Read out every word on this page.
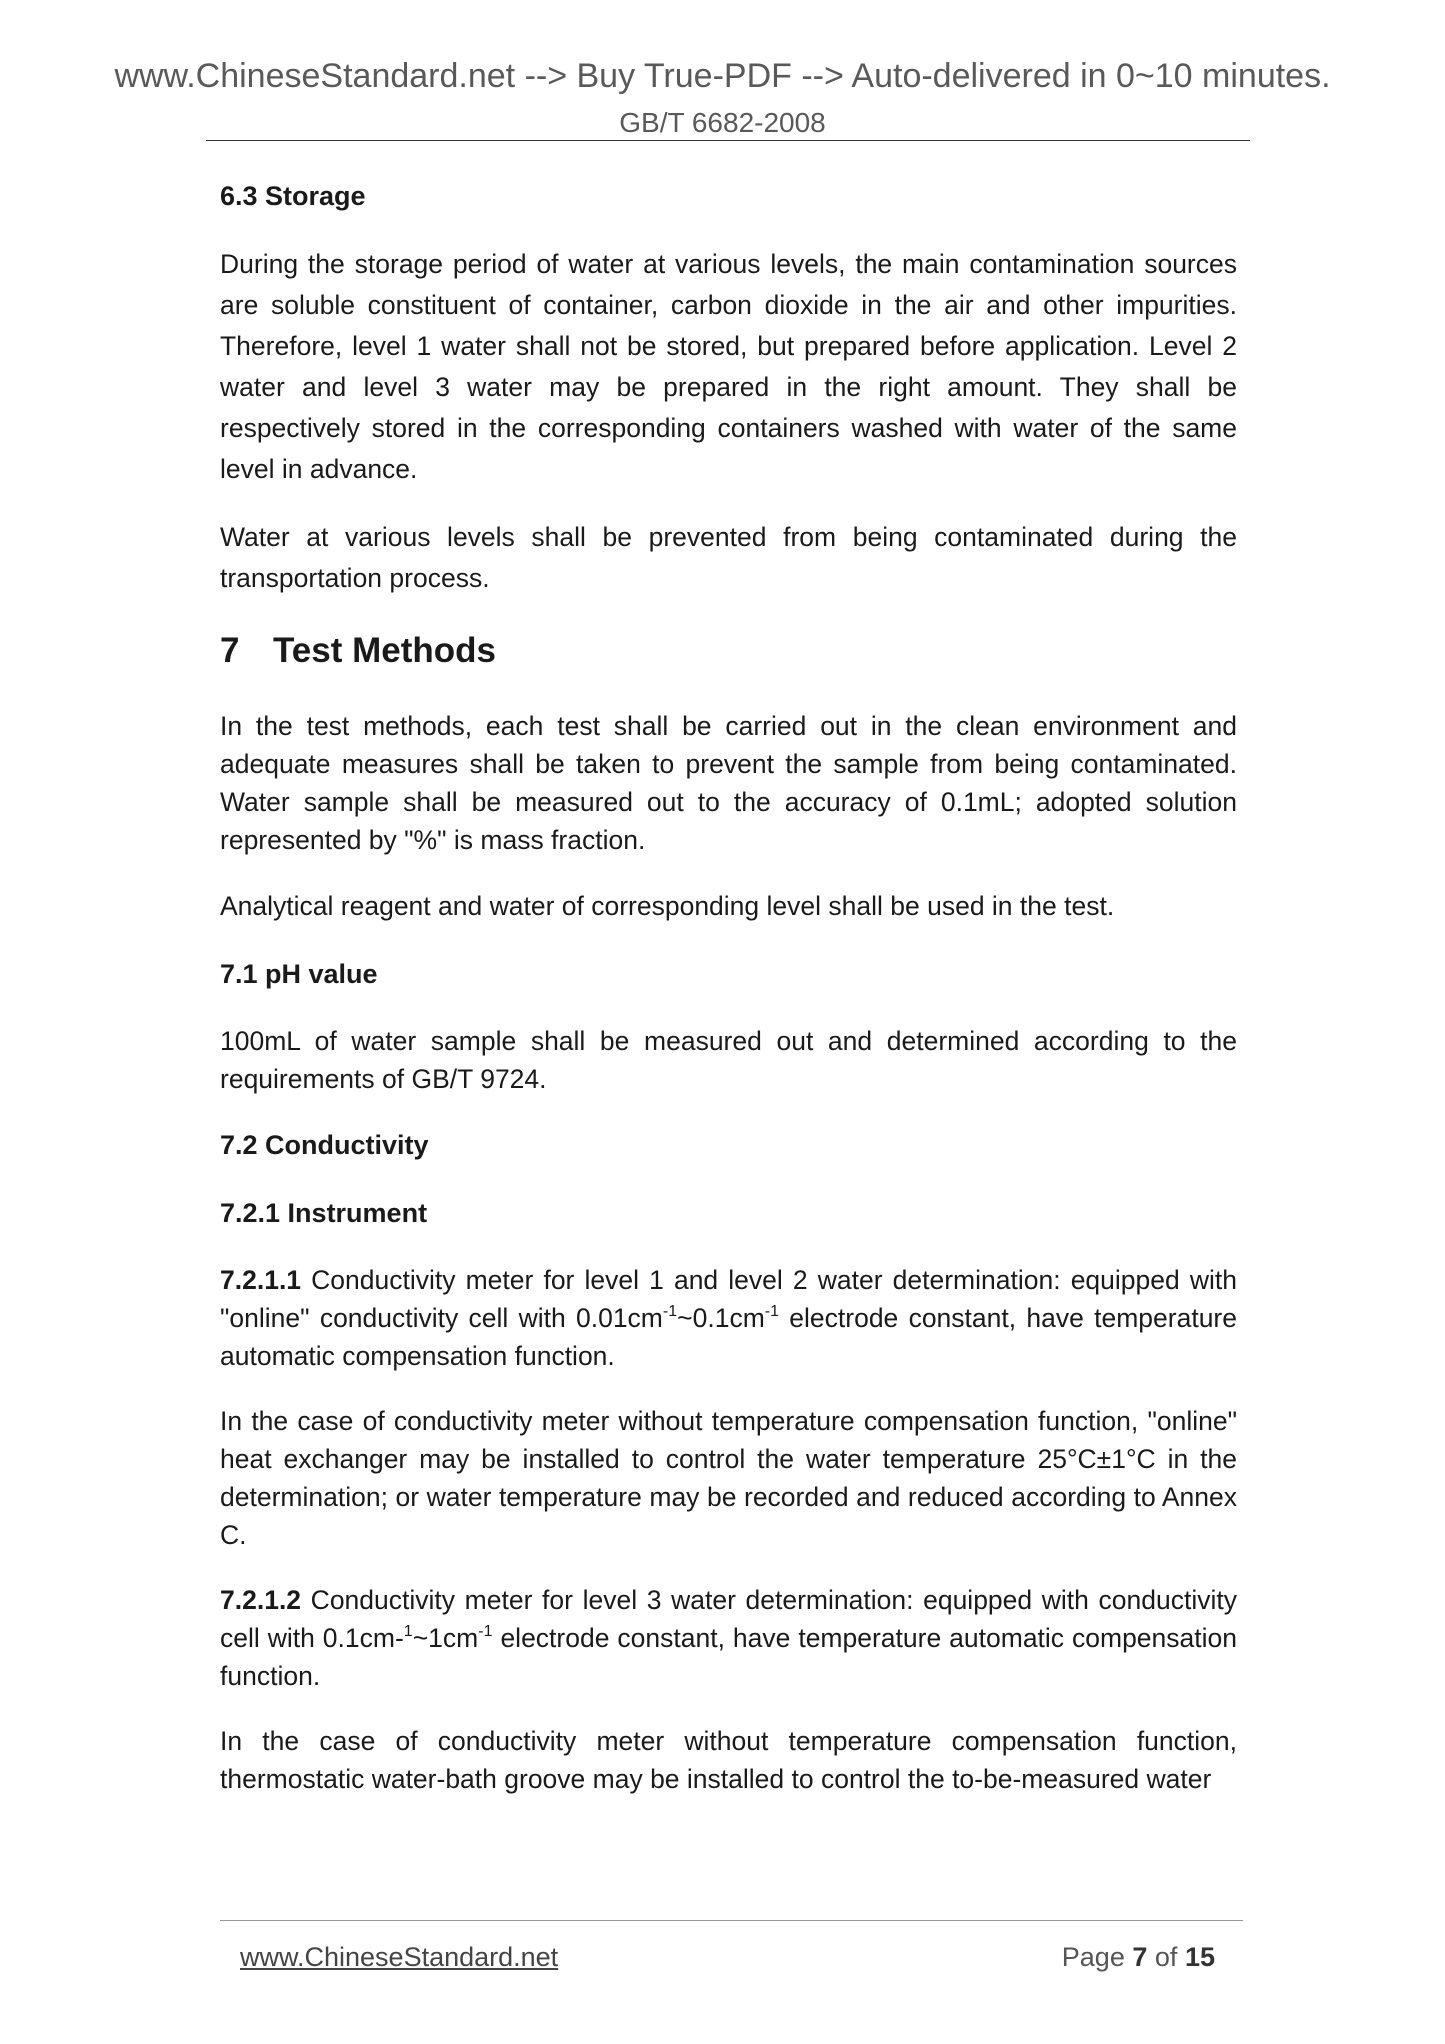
www.ChineseStandard.net --> Buy True-PDF --> Auto-delivered in 0~10 minutes.
GB/T 6682-2008
6.3 Storage

During the storage period of water at various levels, the main contamination sources are soluble constituent of container, carbon dioxide in the air and other impurities. Therefore, level 1 water shall not be stored, but prepared before application. Level 2 water and level 3 water may be prepared in the right amount. They shall be respectively stored in the corresponding containers washed with water of the same level in advance.

Water at various levels shall be prevented from being contaminated during the transportation process.

7 Test Methods

In the test methods, each test shall be carried out in the clean environment and adequate measures shall be taken to prevent the sample from being contaminated. Water sample shall be measured out to the accuracy of 0.1mL; adopted solution represented by "%" is mass fraction.

Analytical reagent and water of corresponding level shall be used in the test.

7.1 pH value

100mL of water sample shall be measured out and determined according to the requirements of GB/T 9724.

7.2 Conductivity
7.2.1 Instrument

7.2.1.1 Conductivity meter for level 1 and level 2 water determination: equipped with "online" conductivity cell with $0.01cm^{-1}\sim 0.1cm^{-1}$ electrode constant, have temperature automatic compensation function.

In the case of conductivity meter without temperature compensation function, "online" heat exchanger may be installed to control the water temperature 25°C±1°C in the determination; or water temperature may be recorded and reduced according to Annex C.

7.2.1.2 Conductivity meter for level 3 water determination: equipped with conductivity cell with $0.1cm-^1\sim 1cm^{-1}$ electrode constant, have temperature automatic compensation function.

In the case of conductivity meter without temperature compensation function, thermostatic water-bath groove may be installed to control the to-be-measured water

www.ChineseStandard.net	Page 7 of 15
